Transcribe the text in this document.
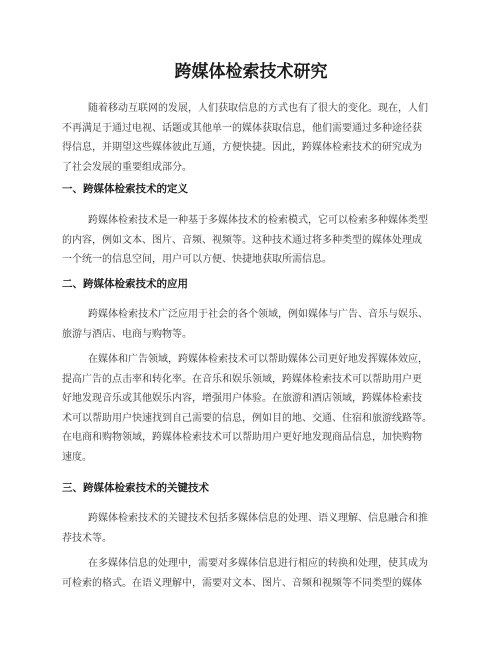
跨媒体检索技术研究

随着移动互联网的发展，人们获取信息的方式也有了很大的变化。现在，人们
不再满足于通过电视、话题或其他单一的媒体获取信息，他们需要通过多种途径获
得信息，并期望这些媒体彼此互通，方便快捷。因此，跨媒体检索技术的研究成为
了社会发展的重要组成部分。

一、跨媒体检索技术的定义

跨媒体检索技术是一种基于多媒体技术的检索模式，它可以检索多种媒体类型
的内容，例如文本、图片、音频、视频等。这种技术通过将多种类型的媒体处理成
一个统一的信息空间，用户可以方便、快捷地获取所需信息。

二、跨媒体检索技术的应用

跨媒体检索技术广泛应用于社会的各个领域，例如媒体与广告、音乐与娱乐、
旅游与酒店、电商与购物等。

在媒体和广告领域，跨媒体检索技术可以帮助媒体公司更好地发挥媒体效应，
提高广告的点击率和转化率。在音乐和娱乐领域，跨媒体检索技术可以帮助用户更
好地发现音乐或其他娱乐内容，增强用户体验。在旅游和酒店领域，跨媒体检索技
术可以帮助用户快速找到自己需要的信息，例如目的地、交通、住宿和旅游线路等。
在电商和购物领域，跨媒体检索技术可以帮助用户更好地发现商品信息，加快购物
速度。

三、跨媒体检索技术的关键技术

跨媒体检索技术的关键技术包括多媒体信息的处理、语义理解、信息融合和推
荐技术等。

在多媒体信息的处理中，需要对多媒体信息进行相应的转换和处理，使其成为
可检索的格式。在语义理解中，需要对文本、图片、音频和视频等不同类型的媒体
